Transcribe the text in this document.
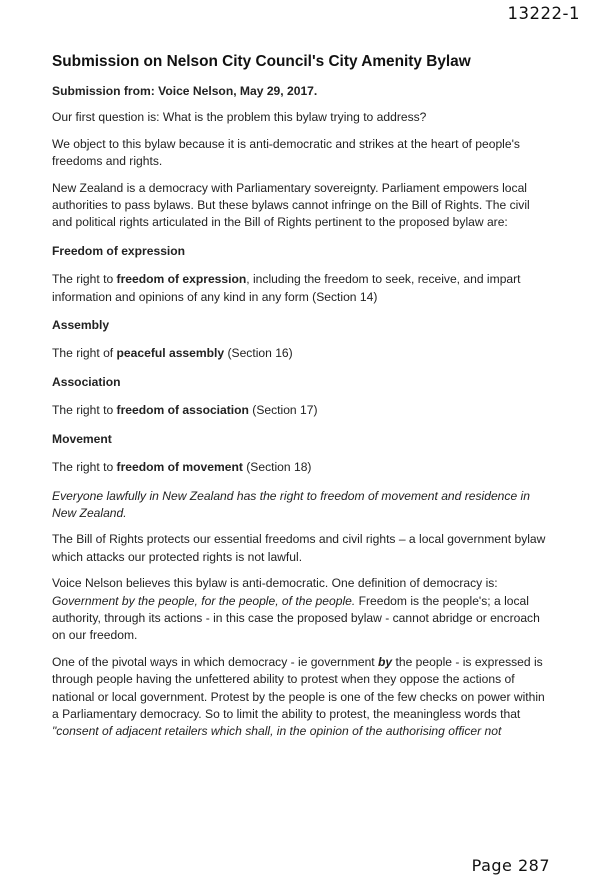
13222-1
Submission on Nelson City Council's City Amenity Bylaw

Submission from: Voice Nelson, May 29, 2017.

Our first question is: What is the problem this bylaw trying to address?

We object to this bylaw because it is anti-democratic and strikes at the heart of people's freedoms and rights.

New Zealand is a democracy with Parliamentary sovereignty. Parliament empowers local authorities to pass bylaws. But these bylaws cannot infringe on the Bill of Rights. The civil and political rights articulated in the Bill of Rights pertinent to the proposed bylaw are:

Freedom of expression

The right to freedom of expression, including the freedom to seek, receive, and impart information and opinions of any kind in any form (Section 14)

Assembly

The right of peaceful assembly (Section 16)

Association

The right to freedom of association (Section 17)

Movement

The right to freedom of movement (Section 18)

Everyone lawfully in New Zealand has the right to freedom of movement and residence in New Zealand.

The Bill of Rights protects our essential freedoms and civil rights – a local government bylaw which attacks our protected rights is not lawful.

Voice Nelson believes this bylaw is anti-democratic. One definition of democracy is: Government by the people, for the people, of the people. Freedom is the people's; a local authority, through its actions - in this case the proposed bylaw - cannot abridge or encroach on our freedom.

One of the pivotal ways in which democracy - ie government by the people - is expressed is through people having the unfettered ability to protest when they oppose the actions of national or local government. Protest by the people is one of the few checks on power within a Parliamentary democracy. So to limit the ability to protest, the meaningless words that "consent of adjacent retailers which shall, in the opinion of the authorising officer not

Page 287
